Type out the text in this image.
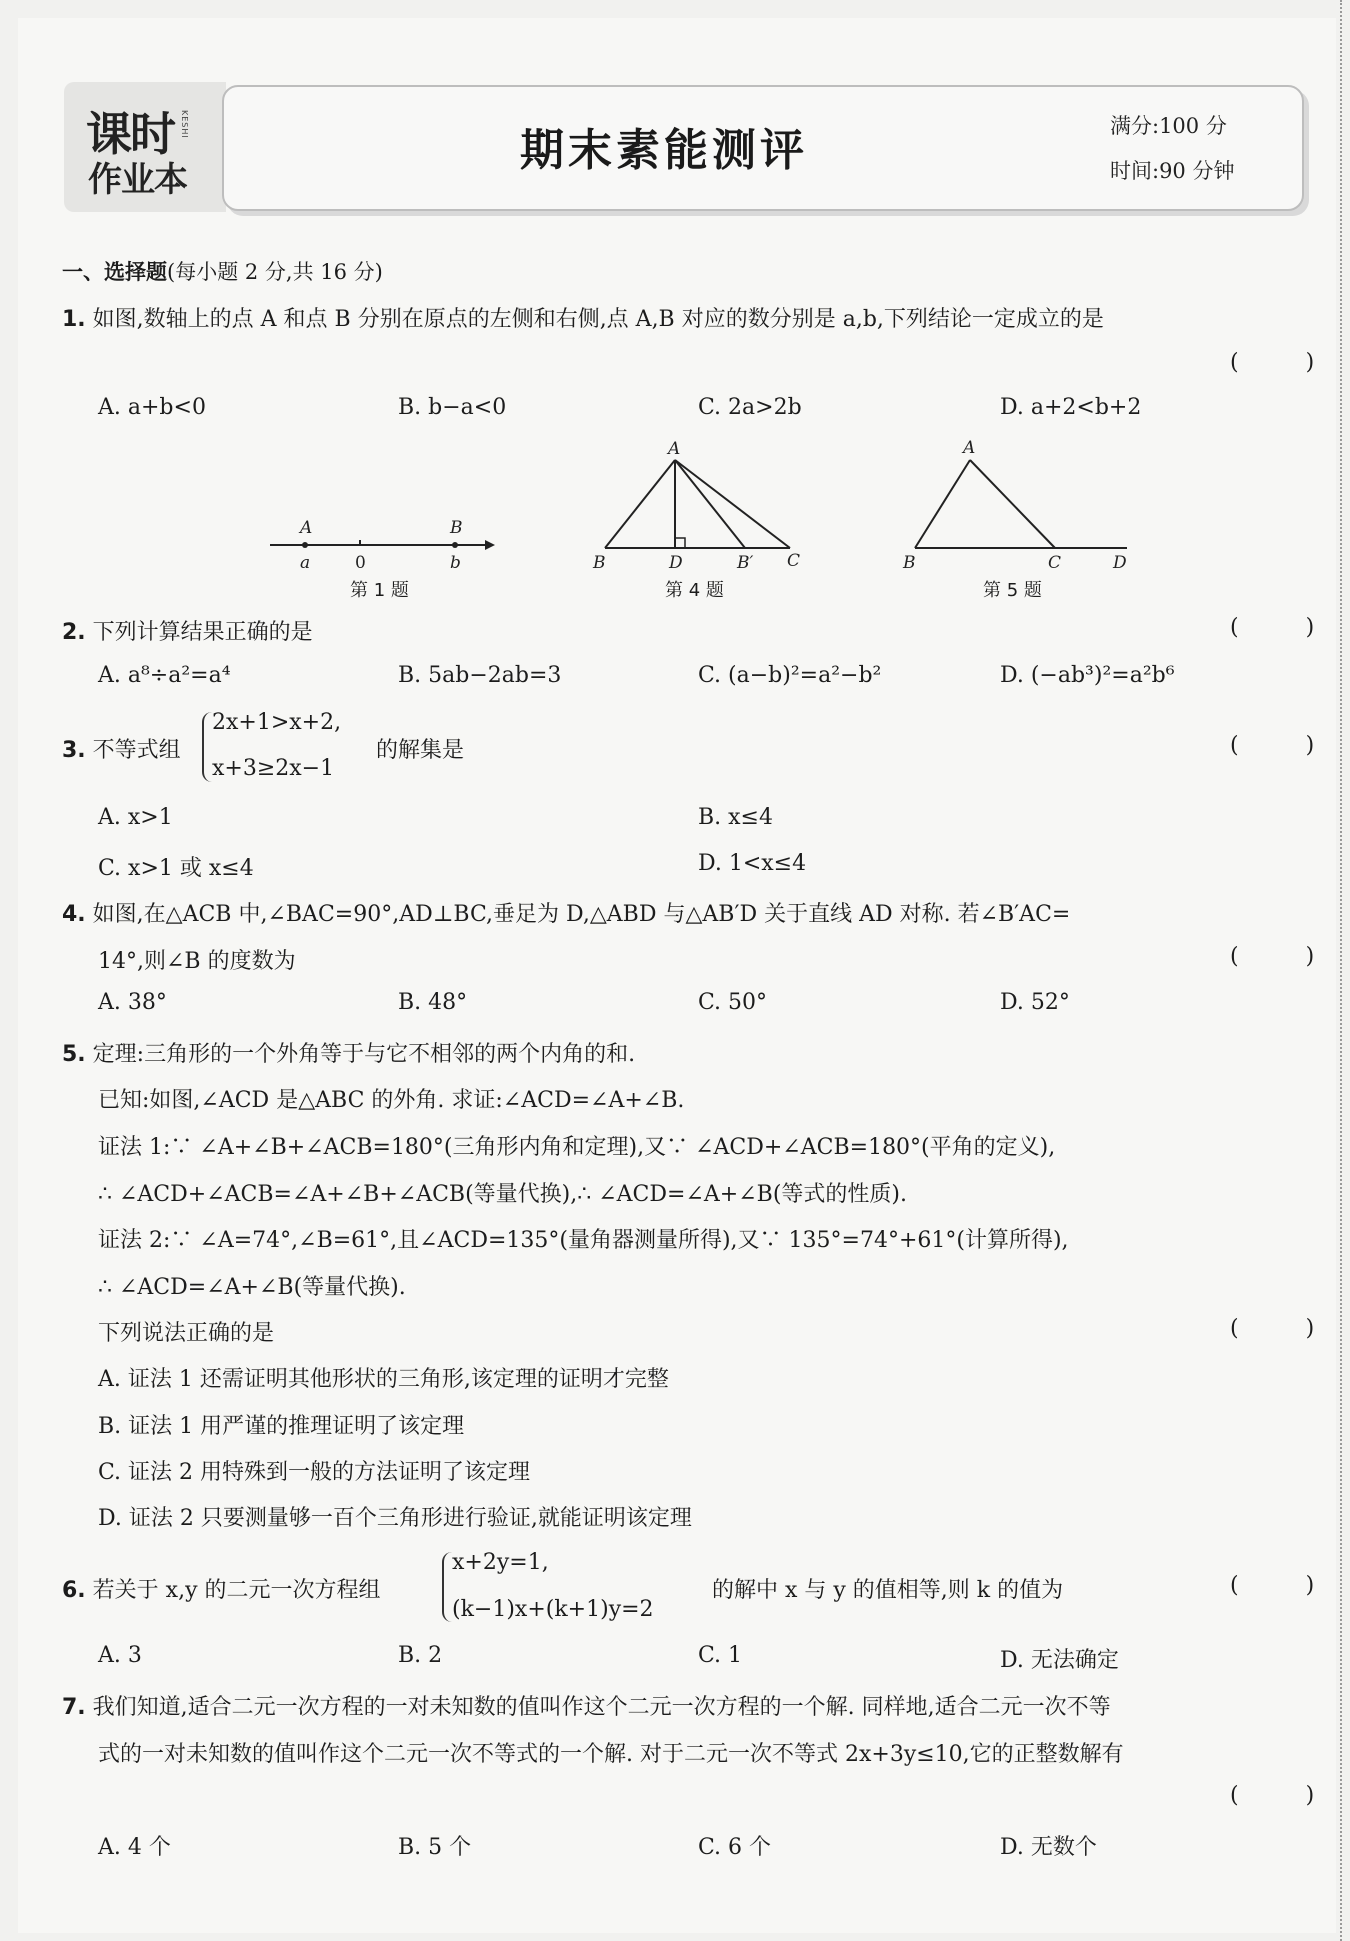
课时
作业本
KESHI
期末素能测评	满分:100 分
时间:90 分钟
一、选择题(每小题 2 分,共 16 分)
1. 如图,数轴上的点 A 和点 B 分别在原点的左侧和右侧,点 A,B 对应的数分别是 a,b,下列结论一定成立的是
( )
A. a+b<0	B. b−a<0	C. 2a>2b	D. a+2<b+2
A	B
a	0	b
第 1 题
A
B	D	B′ C
第 4 题
A
B	C	D
第 5 题
2. 下列计算结果正确的是	( )
A. a⁸÷a²=a⁴	B. 5ab−2ab=3	C. (a−b)²=a²−b²	D. (−ab³)²=a²b⁶
3. 不等式组
2x+1>x+2,
x+3≥2x−1
的解集是	( )
A. x>1	B. x≤4
C. x>1 或 x≤4	D. 1<x≤4
4. 如图,在△ACB 中,∠BAC=90°,AD⊥BC,垂足为 D,△ABD 与△AB′D 关于直线 AD 对称. 若∠B′AC=
14°,则∠B 的度数为	( )
A. 38°	B. 48°	C. 50°	D. 52°
5. 定理:三角形的一个外角等于与它不相邻的两个内角的和.
已知:如图,∠ACD 是△ABC 的外角. 求证:∠ACD=∠A+∠B.
证法 1:∵ ∠A+∠B+∠ACB=180°(三角形内角和定理),又∵ ∠ACD+∠ACB=180°(平角的定义),
∴ ∠ACD+∠ACB=∠A+∠B+∠ACB(等量代换),∴ ∠ACD=∠A+∠B(等式的性质).
证法 2:∵ ∠A=74°,∠B=61°,且∠ACD=135°(量角器测量所得),又∵ 135°=74°+61°(计算所得),
∴ ∠ACD=∠A+∠B(等量代换).
下列说法正确的是	( )
A. 证法 1 还需证明其他形状的三角形,该定理的证明才完整
B. 证法 1 用严谨的推理证明了该定理
C. 证法 2 用特殊到一般的方法证明了该定理
D. 证法 2 只要测量够一百个三角形进行验证,就能证明该定理
6. 若关于 x,y 的二元一次方程组
x+2y=1,
(k−1)x+(k+1)y=2
的解中 x 与 y 的值相等,则 k 的值为	( )
A. 3	B. 2	C. 1	D. 无法确定
7. 我们知道,适合二元一次方程的一对未知数的值叫作这个二元一次方程的一个解. 同样地,适合二元一次不等
式的一对未知数的值叫作这个二元一次不等式的一个解. 对于二元一次不等式 2x+3y≤10,它的正整数解有
( )
A. 4 个	B. 5 个	C. 6 个	D. 无数个
